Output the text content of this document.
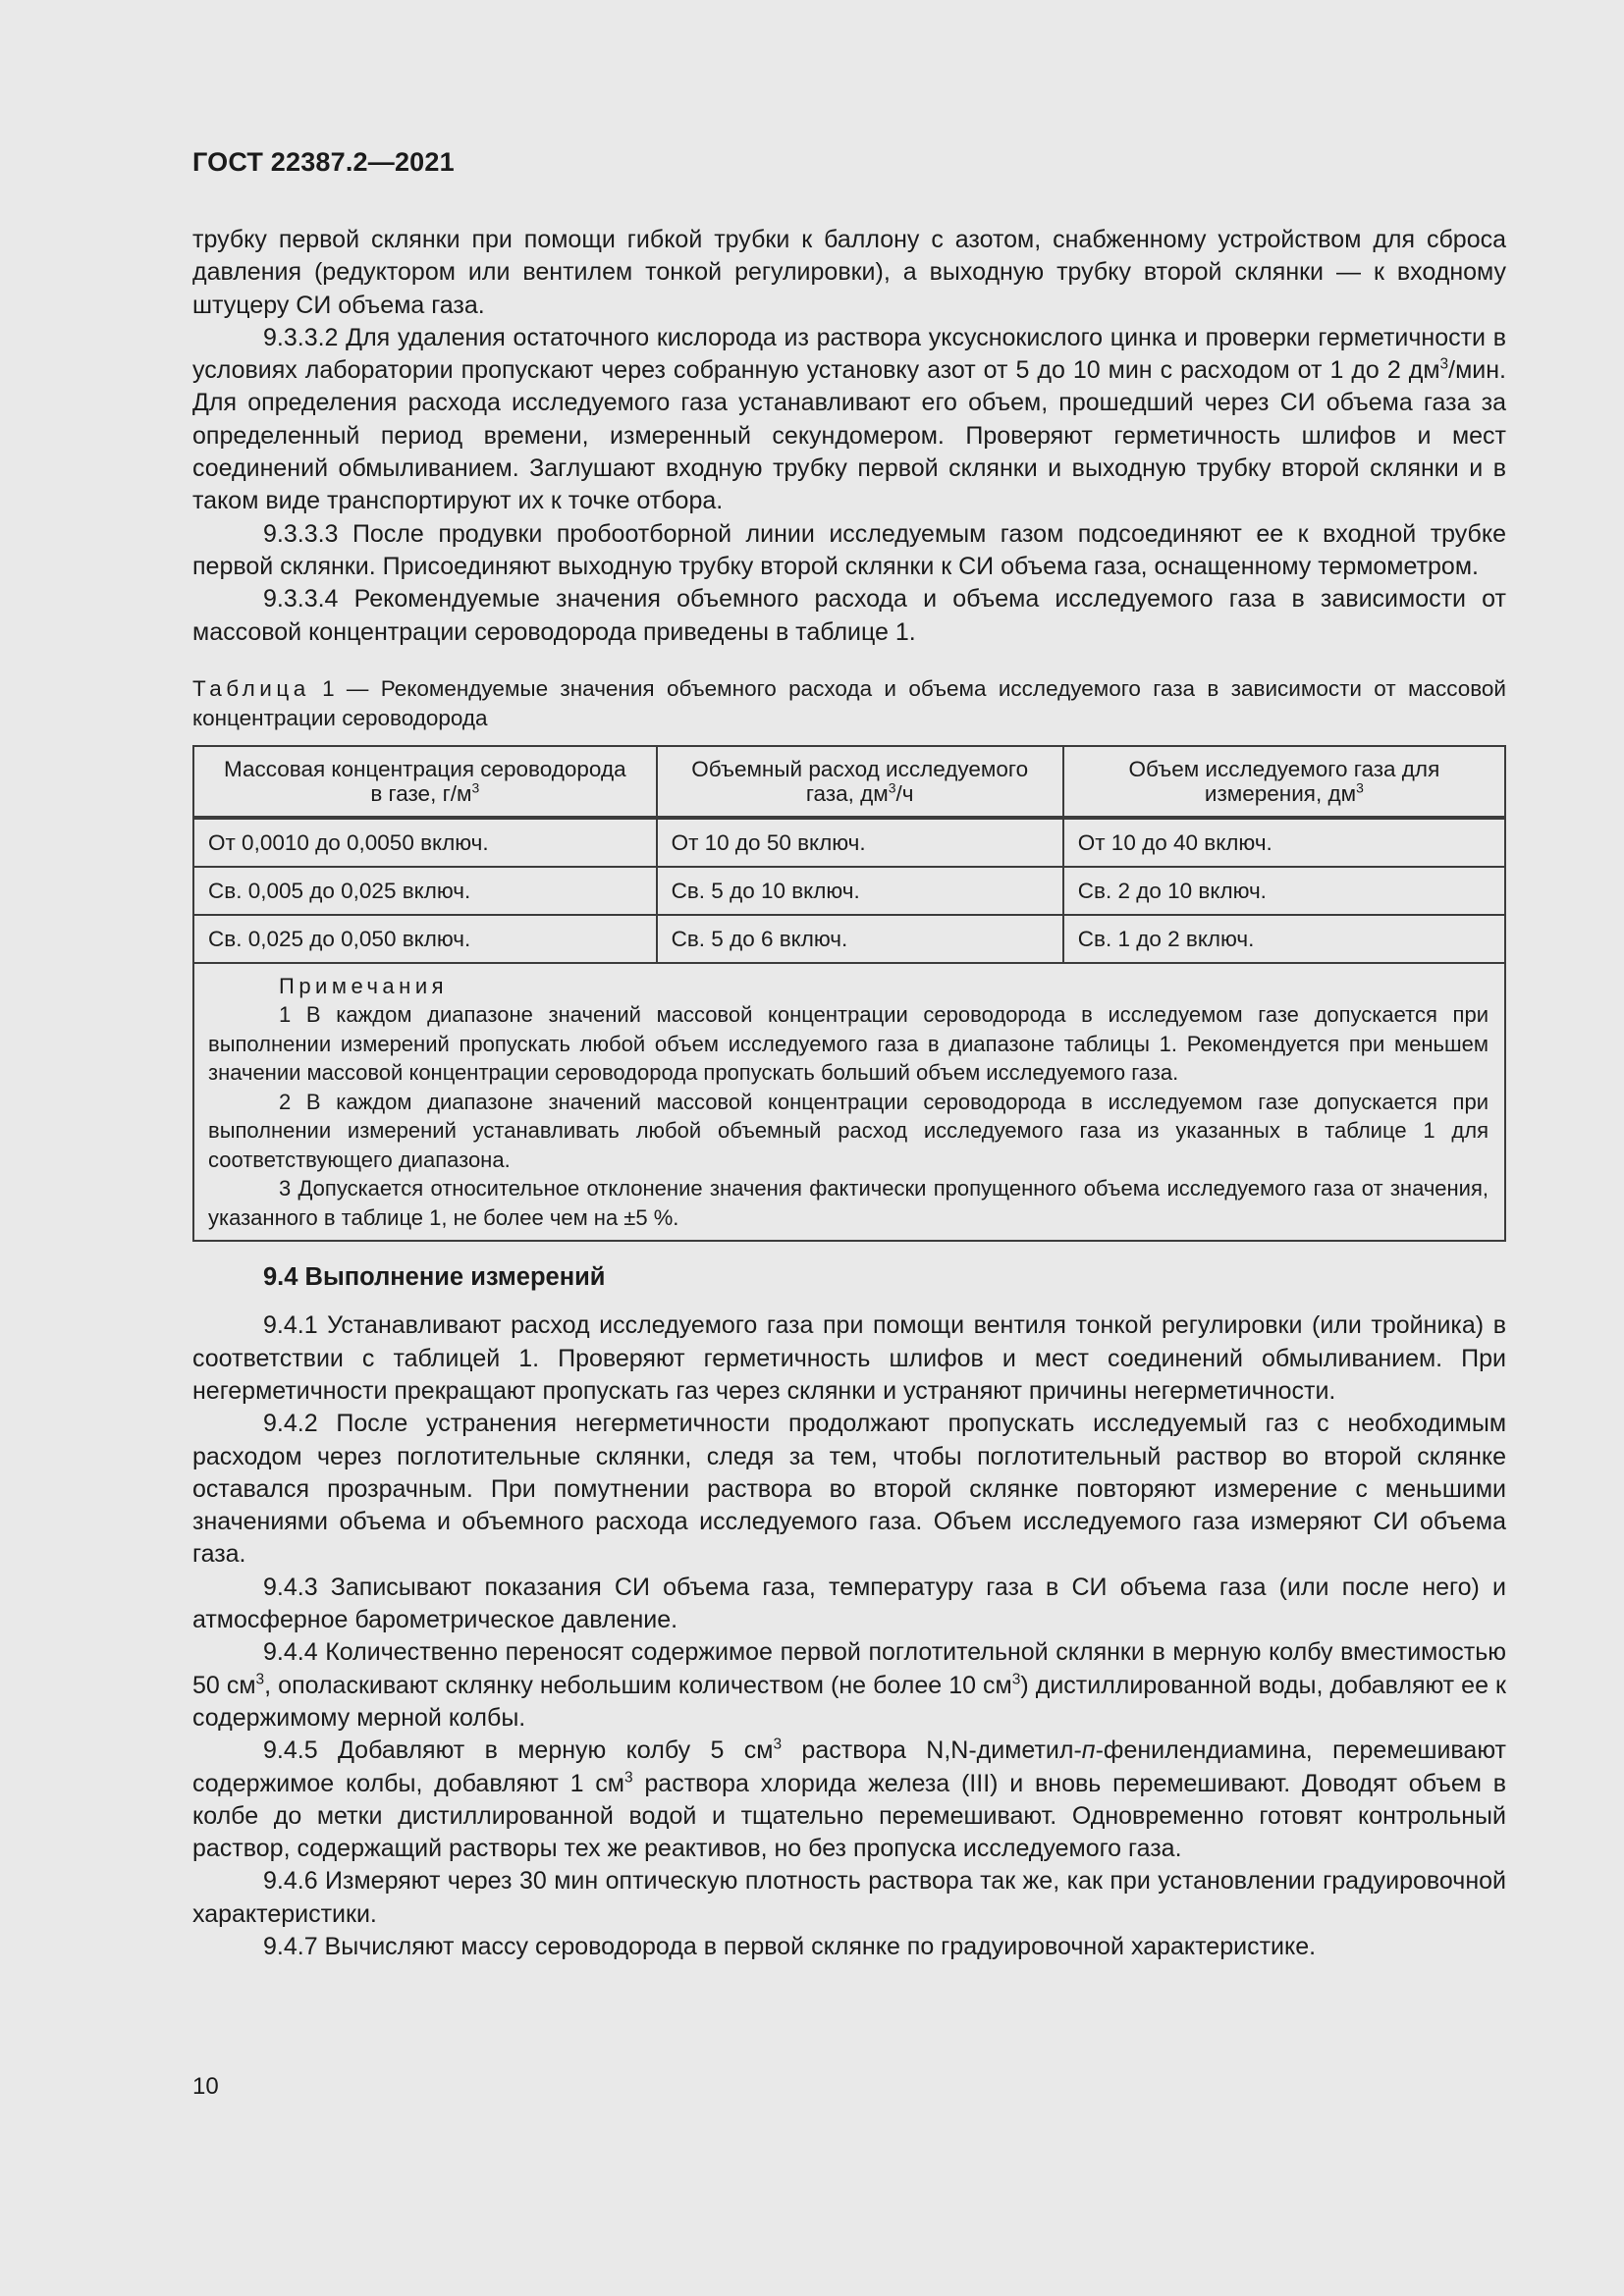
ГОСТ 22387.2—2021

трубку первой склянки при помощи гибкой трубки к баллону с азотом, снабженному устройством для сброса давления (редуктором или вентилем тонкой регулировки), а выходную трубку второй склянки — к входному штуцеру СИ объема газа.

9.3.3.2 Для удаления остаточного кислорода из раствора уксуснокислого цинка и проверки герметичности в условиях лаборатории пропускают через собранную установку азот от 5 до 10 мин с расходом от 1 до 2 $дм^3$/мин. Для определения расхода исследуемого газа устанавливают его объем, прошедший через СИ объема газа за определенный период времени, измеренный секундомером. Проверяют герметичность шлифов и мест соединений обмыливанием. Заглушают входную трубку первой склянки и выходную трубку второй склянки и в таком виде транспортируют их к точке отбора.

9.3.3.3 После продувки пробоотборной линии исследуемым газом подсоединяют ее к входной трубке первой склянки. Присоединяют выходную трубку второй склянки к СИ объема газа, оснащенному термометром.

9.3.3.4 Рекомендуемые значения объемного расхода и объема исследуемого газа в зависимости от массовой концентрации сероводорода приведены в таблице 1.

Таблица 1 — Рекомендуемые значения объемного расхода и объема исследуемого газа в зависимости от массовой концентрации сероводорода
Массовая концентрация сероводорода в газе, $г/м^3$	Объемный расход исследуемого газа, $дм^3/ч$	Объем исследуемого газа для измерения, $дм^3$
От 0,0010 до 0,0050 включ.	От 10 до 50 включ.	От 10 до 40 включ.
Св. 0,005 до 0,025 включ.	Св. 5 до 10 включ.	Св. 2 до 10 включ.
Св. 0,025 до 0,050 включ.	Св. 5 до 6 включ.	Св. 1 до 2 включ.

Примечания

1 В каждом диапазоне значений массовой концентрации сероводорода в исследуемом газе допускается при выполнении измерений пропускать любой объем исследуемого газа в диапазоне таблицы 1. Рекомендуется при меньшем значении массовой концентрации сероводорода пропускать больший объем исследуемого газа.

2 В каждом диапазоне значений массовой концентрации сероводорода в исследуемом газе допускается при выполнении измерений устанавливать любой объемный расход исследуемого газа из указанных в таблице 1 для соответствующего диапазона.

3 Допускается относительное отклонение значения фактически пропущенного объема исследуемого газа от значения, указанного в таблице 1, не более чем на ±5 %.		

9.4 Выполнение измерений

9.4.1 Устанавливают расход исследуемого газа при помощи вентиля тонкой регулировки (или тройника) в соответствии с таблицей 1. Проверяют герметичность шлифов и мест соединений обмыливанием. При негерметичности прекращают пропускать газ через склянки и устраняют причины негерметичности.

9.4.2 После устранения негерметичности продолжают пропускать исследуемый газ с необходимым расходом через поглотительные склянки, следя за тем, чтобы поглотительный раствор во второй склянке оставался прозрачным. При помутнении раствора во второй склянке повторяют измерение с меньшими значениями объема и объемного расхода исследуемого газа. Объем исследуемого газа измеряют СИ объема газа.

9.4.3 Записывают показания СИ объема газа, температуру газа в СИ объема газа (или после него) и атмосферное барометрическое давление.

9.4.4 Количественно переносят содержимое первой поглотительной склянки в мерную колбу вместимостью 50 $см^3$, ополаскивают склянку небольшим количеством (не более 10 $см^3$) дистиллированной воды, добавляют ее к содержимому мерной колбы.

9.4.5 Добавляют в мерную колбу 5 $см^3$ раствора N,N-диметил-п-фенилендиамина, перемешивают содержимое колбы, добавляют 1 $см^3$ раствора хлорида железа (III) и вновь перемешивают. Доводят объем в колбе до метки дистиллированной водой и тщательно перемешивают. Одновременно готовят контрольный раствор, содержащий растворы тех же реактивов, но без пропуска исследуемого газа.

9.4.6 Измеряют через 30 мин оптическую плотность раствора так же, как при установлении градуировочной характеристики.

9.4.7 Вычисляют массу сероводорода в первой склянке по градуировочной характеристике.

10
